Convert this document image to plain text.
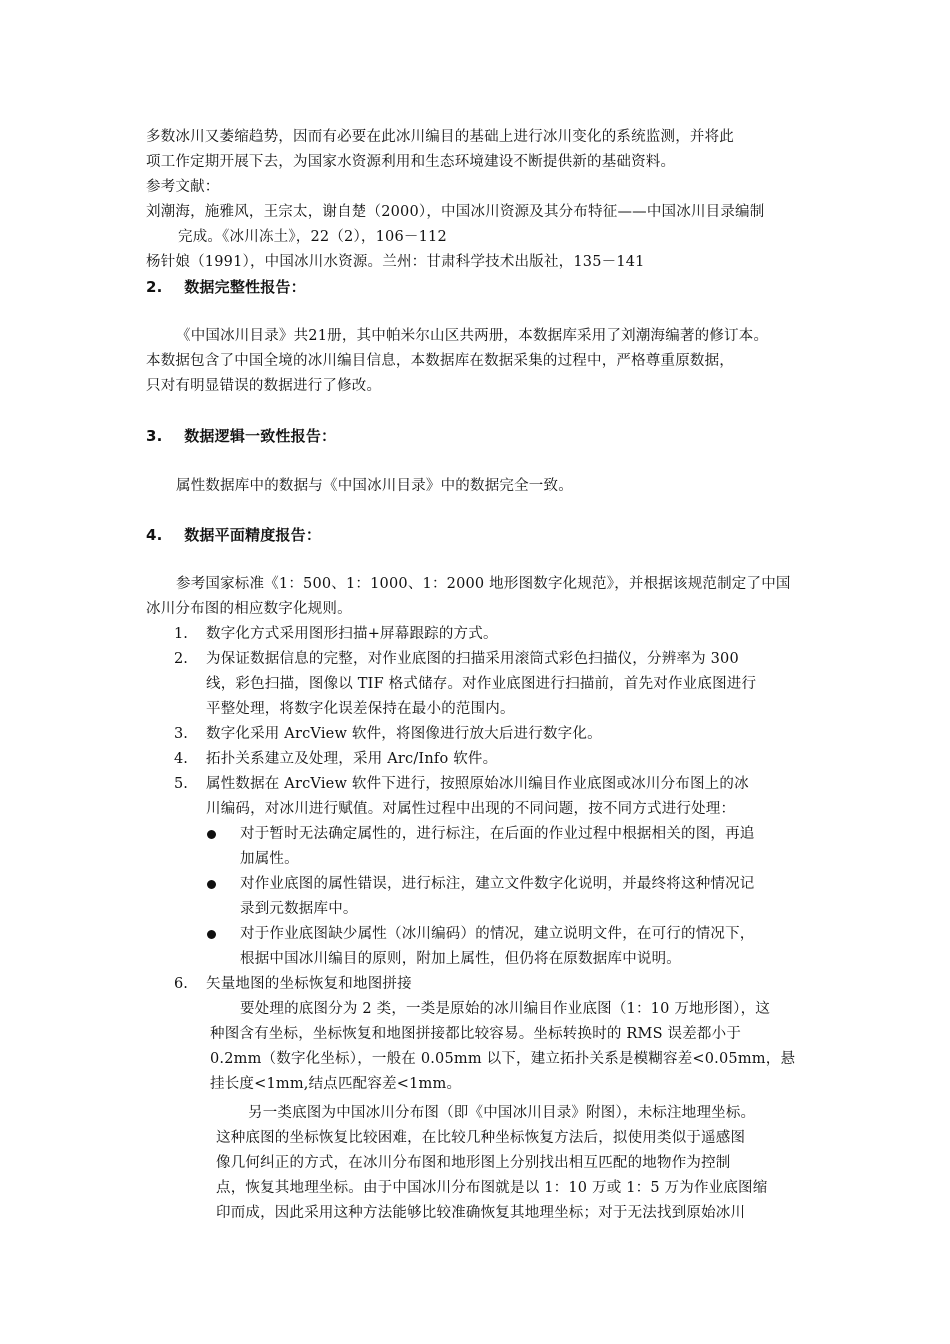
多数冰川又萎缩趋势，因而有必要在此冰川编目的基础上进行冰川变化的系统监测，并将此
项工作定期开展下去，为国家水资源利用和生态环境建设不断提供新的基础资料。
参考文献：
刘潮海，施雅风，王宗太，谢自楚（2000），中国冰川资源及其分布特征——中国冰川目录编制
完成。《冰川冻土》，22（2），106－112
杨针娘（1991），中国冰川水资源。兰州：甘肃科学技术出版社，135－141
2.    数据完整性报告：
《中国冰川目录》共21册，其中帕米尔山区共两册，本数据库采用了刘潮海编著的修订本。
本数据包含了中国全境的冰川编目信息，本数据库在数据采集的过程中，严格尊重原数据，
只对有明显错误的数据进行了修改。
3.    数据逻辑一致性报告：
属性数据库中的数据与《中国冰川目录》中的数据完全一致。
4.    数据平面精度报告：
参考国家标准《1：500、1：1000、1：2000 地形图数字化规范》，并根据该规范制定了中国
冰川分布图的相应数字化规则。
1. 数字化方式采用图形扫描+屏幕跟踪的方式。
2. 为保证数据信息的完整，对作业底图的扫描采用滚筒式彩色扫描仪，分辨率为 300
线，彩色扫描，图像以 TIF 格式储存。对作业底图进行扫描前，首先对作业底图进行
平整处理，将数字化误差保持在最小的范围内。
3. 数字化采用 ArcView 软件，将图像进行放大后进行数字化。
4. 拓扑关系建立及处理，采用 Arc/Info 软件。
5. 属性数据在 ArcView 软件下进行，按照原始冰川编目作业底图或冰川分布图上的冰
川编码，对冰川进行赋值。对属性过程中出现的不同问题，按不同方式进行处理：
对于暂时无法确定属性的，进行标注，在后面的作业过程中根据相关的图，再追
加属性。
对作业底图的属性错误，进行标注，建立文件数字化说明，并最终将这种情况记
录到元数据库中。
对于作业底图缺少属性（冰川编码）的情况，建立说明文件，在可行的情况下，
根据中国冰川编目的原则，附加上属性，但仍将在原数据库中说明。
6. 矢量地图的坐标恢复和地图拼接
要处理的底图分为 2 类，一类是原始的冰川编目作业底图（1：10 万地形图），这
种图含有坐标，坐标恢复和地图拼接都比较容易。坐标转换时的 RMS 误差都小于
0.2mm（数字化坐标），一般在 0.05mm 以下，建立拓扑关系是模糊容差<0.05mm，悬
挂长度<1mm,结点匹配容差<1mm。
另一类底图为中国冰川分布图（即《中国冰川目录》附图），未标注地理坐标。
这种底图的坐标恢复比较困难，在比较几种坐标恢复方法后，拟使用类似于遥感图
像几何纠正的方式，在冰川分布图和地形图上分别找出相互匹配的地物作为控制
点，恢复其地理坐标。由于中国冰川分布图就是以 1：10 万或 1：5 万为作业底图缩
印而成，因此采用这种方法能够比较准确恢复其地理坐标；对于无法找到原始冰川
